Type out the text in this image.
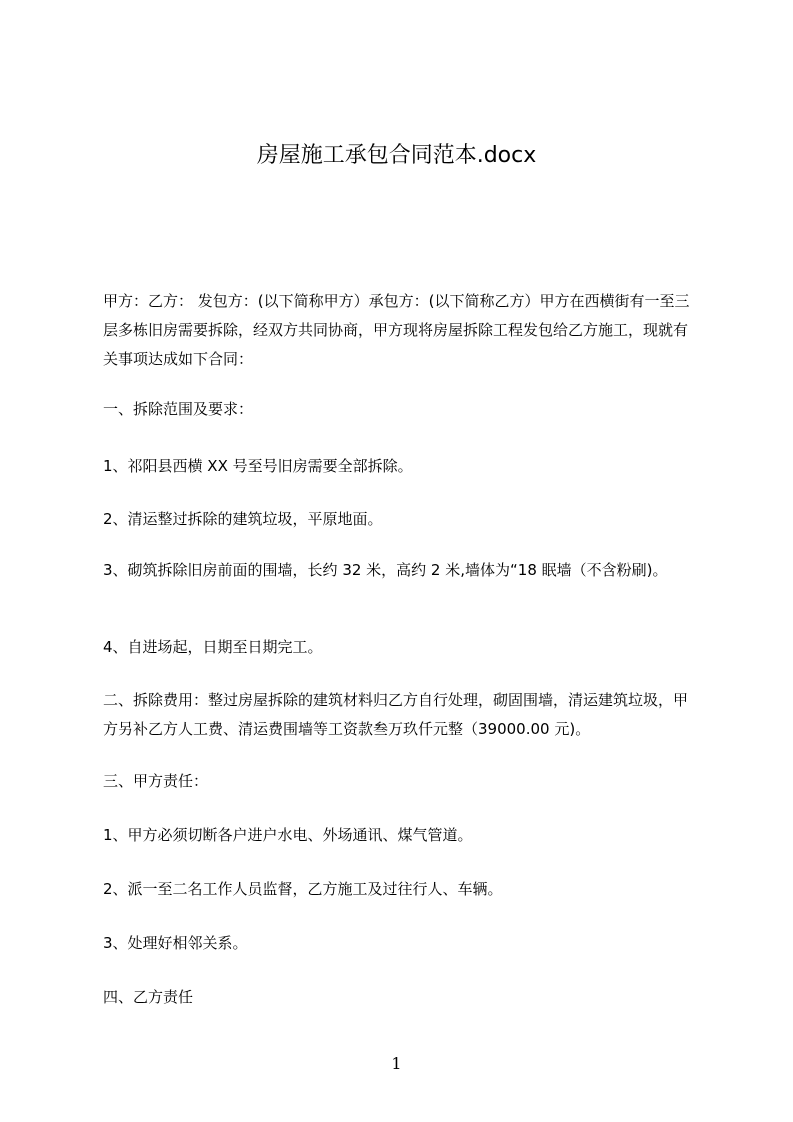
房屋施工承包合同范本.docx

甲方：乙方： 发包方：(以下简称甲方）承包方：(以下简称乙方）甲方在西横街有一至三层多栋旧房需要拆除，经双方共同协商，甲方现将房屋拆除工程发包给乙方施工，现就有关事项达成如下合同：

一、拆除范围及要求：

1、祁阳县西横 XX 号至号旧房需要全部拆除。

2、清运整过拆除的建筑垃圾，平原地面。

3、砌筑拆除旧房前面的围墙，长约 32 米，高约 2 米,墙体为“18 眠墙（不含粉刷)。

4、自进场起，日期至日期完工。

二、拆除费用：整过房屋拆除的建筑材料归乙方自行处理，砌固围墙，清运建筑垃圾，甲方另补乙方人工费、清运费围墙等工资款叁万玖仟元整（39000.00 元)。

三、甲方责任：

1、甲方必须切断各户进户水电、外场通讯、煤气管道。

2、派一至二名工作人员监督，乙方施工及过往行人、车辆。

3、处理好相邻关系。

四、乙方责任

1
